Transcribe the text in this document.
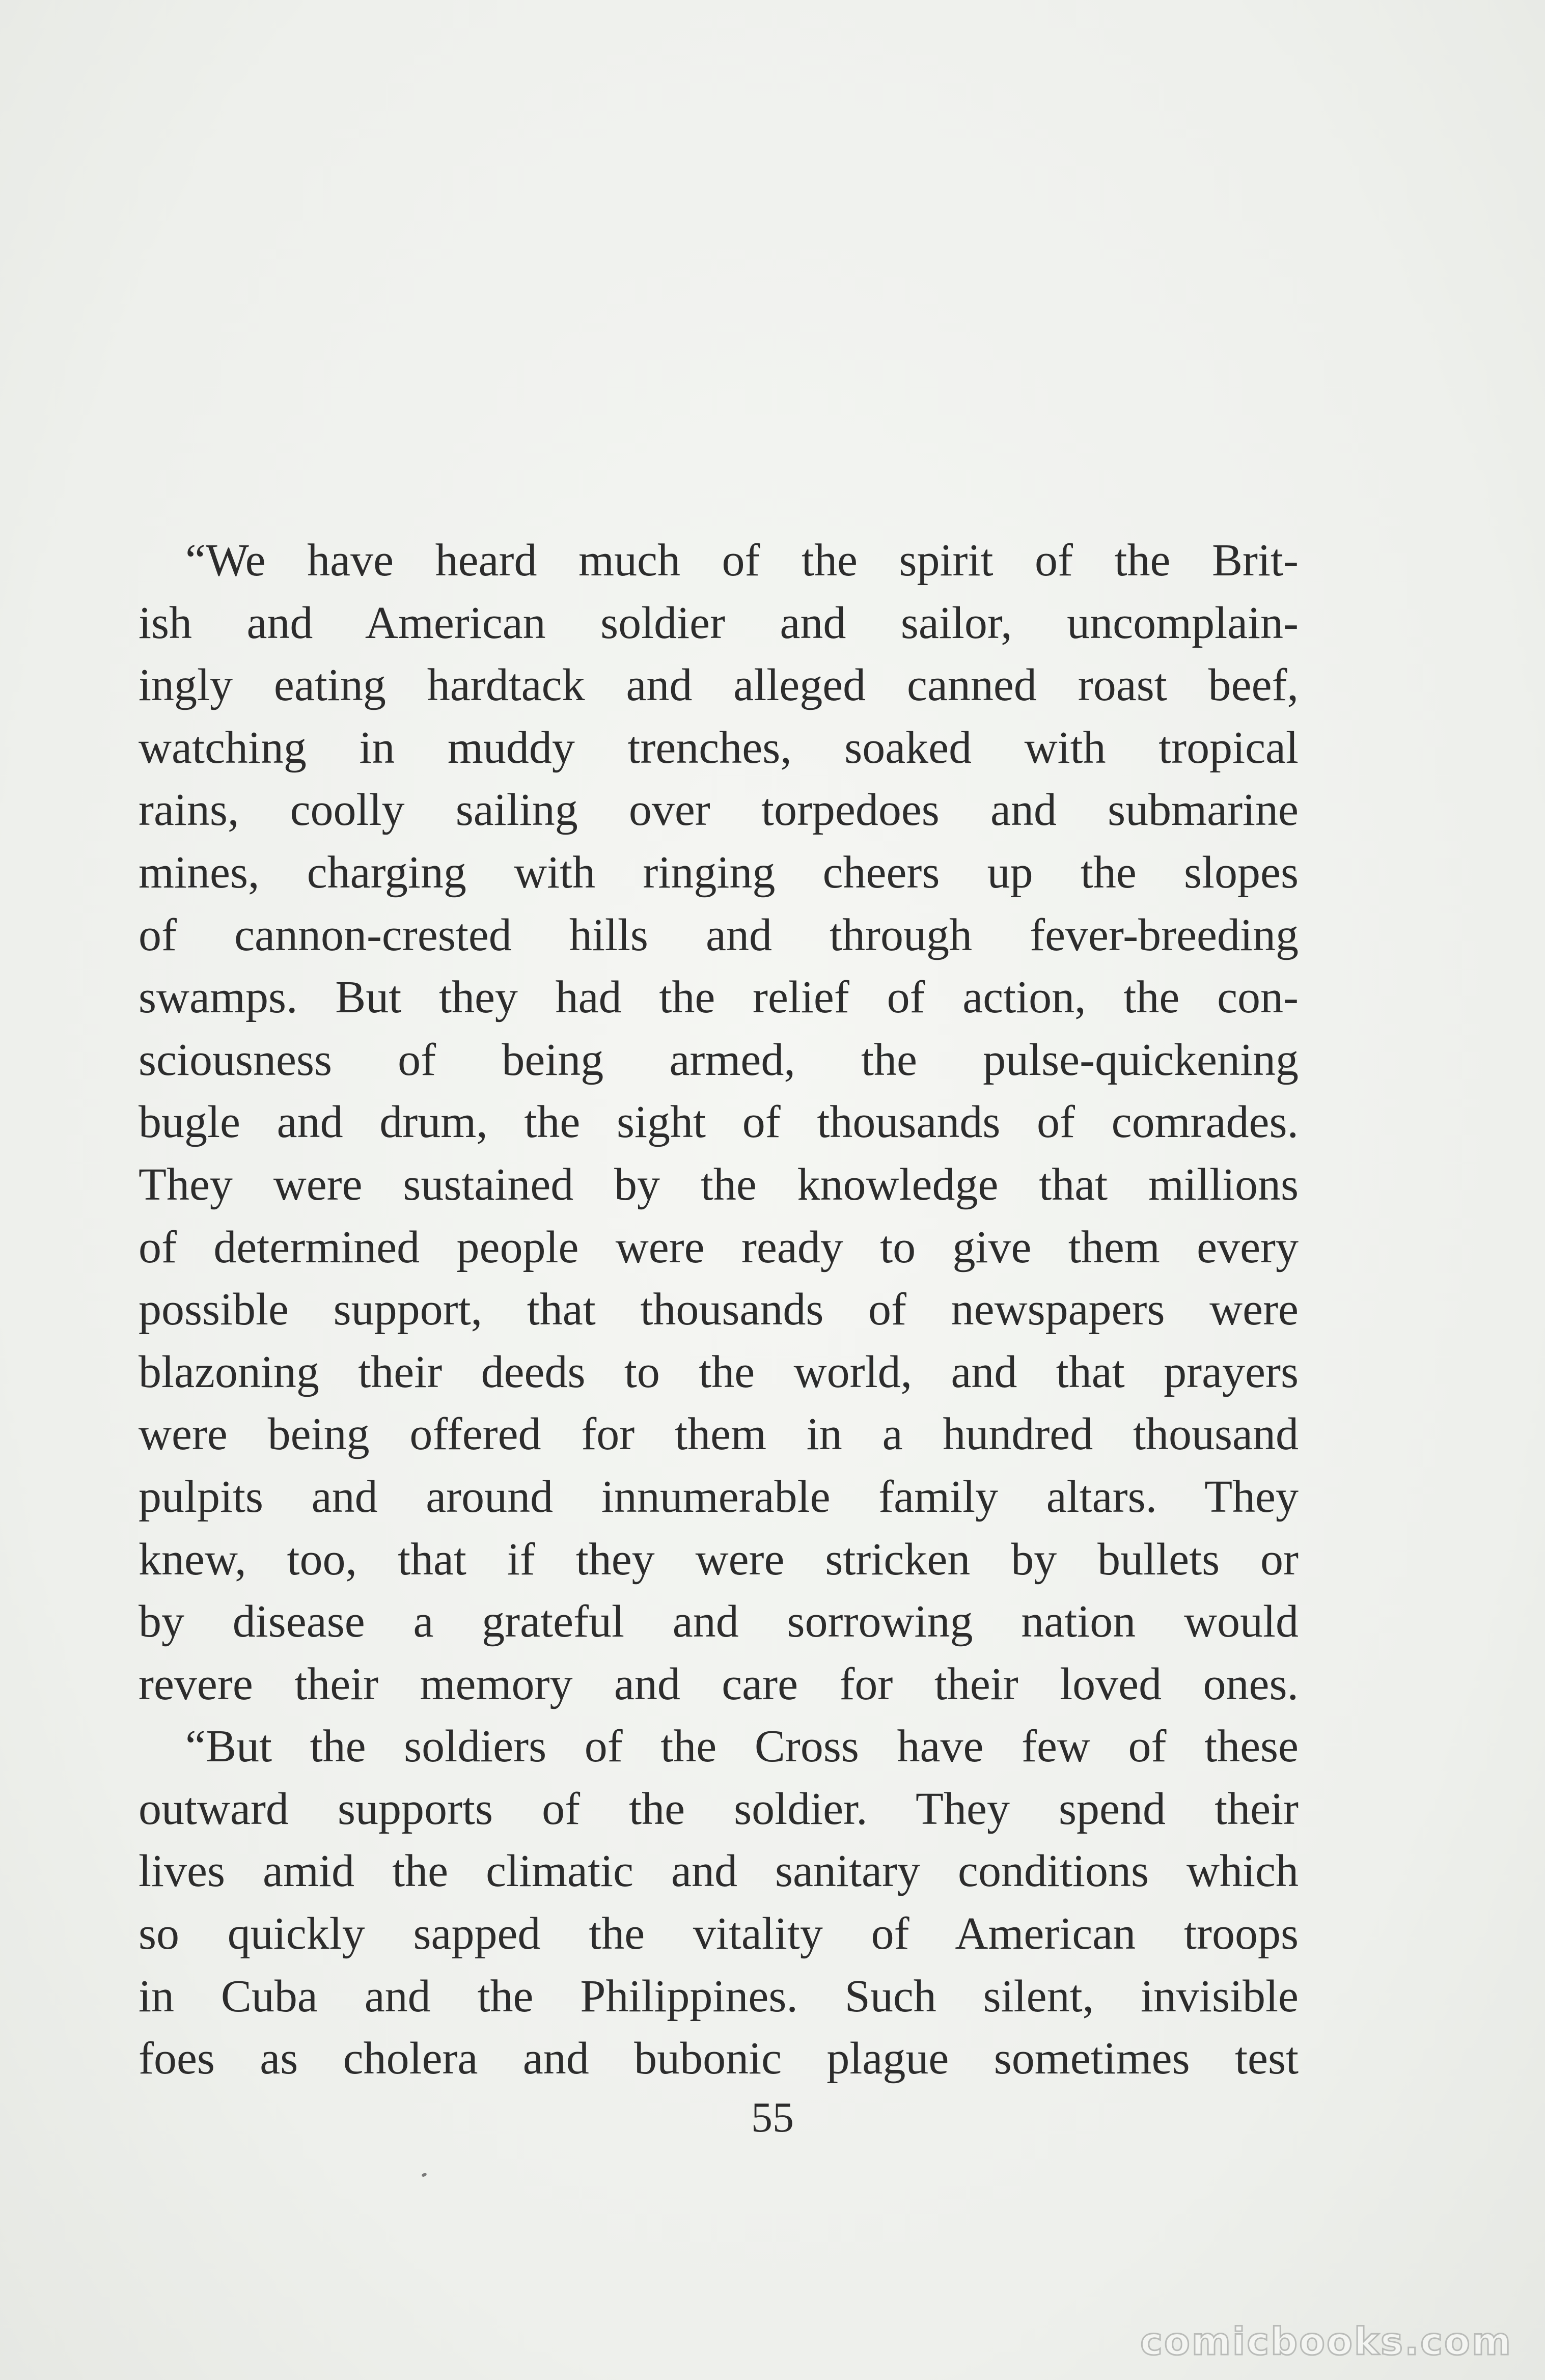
“We have heard much of the spirit of the Brit-
ish and American soldier and sailor, uncomplain-
ingly eating hardtack and alleged canned roast beef,
watching in muddy trenches, soaked with tropical
rains, coolly sailing over torpedoes and submarine
mines, charging with ringing cheers up the slopes
of cannon-crested hills and through fever-breeding
swamps. But they had the relief of action, the con-
sciousness of being armed, the pulse-quickening
bugle and drum, the sight of thousands of comrades.
They were sustained by the knowledge that millions
of determined people were ready to give them every
possible support, that thousands of newspapers were
blazoning their deeds to the world, and that prayers
were being offered for them in a hundred thousand
pulpits and around innumerable family altars. They
knew, too, that if they were stricken by bullets or
by disease a grateful and sorrowing nation would
revere their memory and care for their loved ones.
“But the soldiers of the Cross have few of these
outward supports of the soldier. They spend their
lives amid the climatic and sanitary conditions which
so quickly sapped the vitality of American troops
in Cuba and the Philippines. Such silent, invisible
foes as cholera and bubonic plague sometimes test
55
comicbooks.com
